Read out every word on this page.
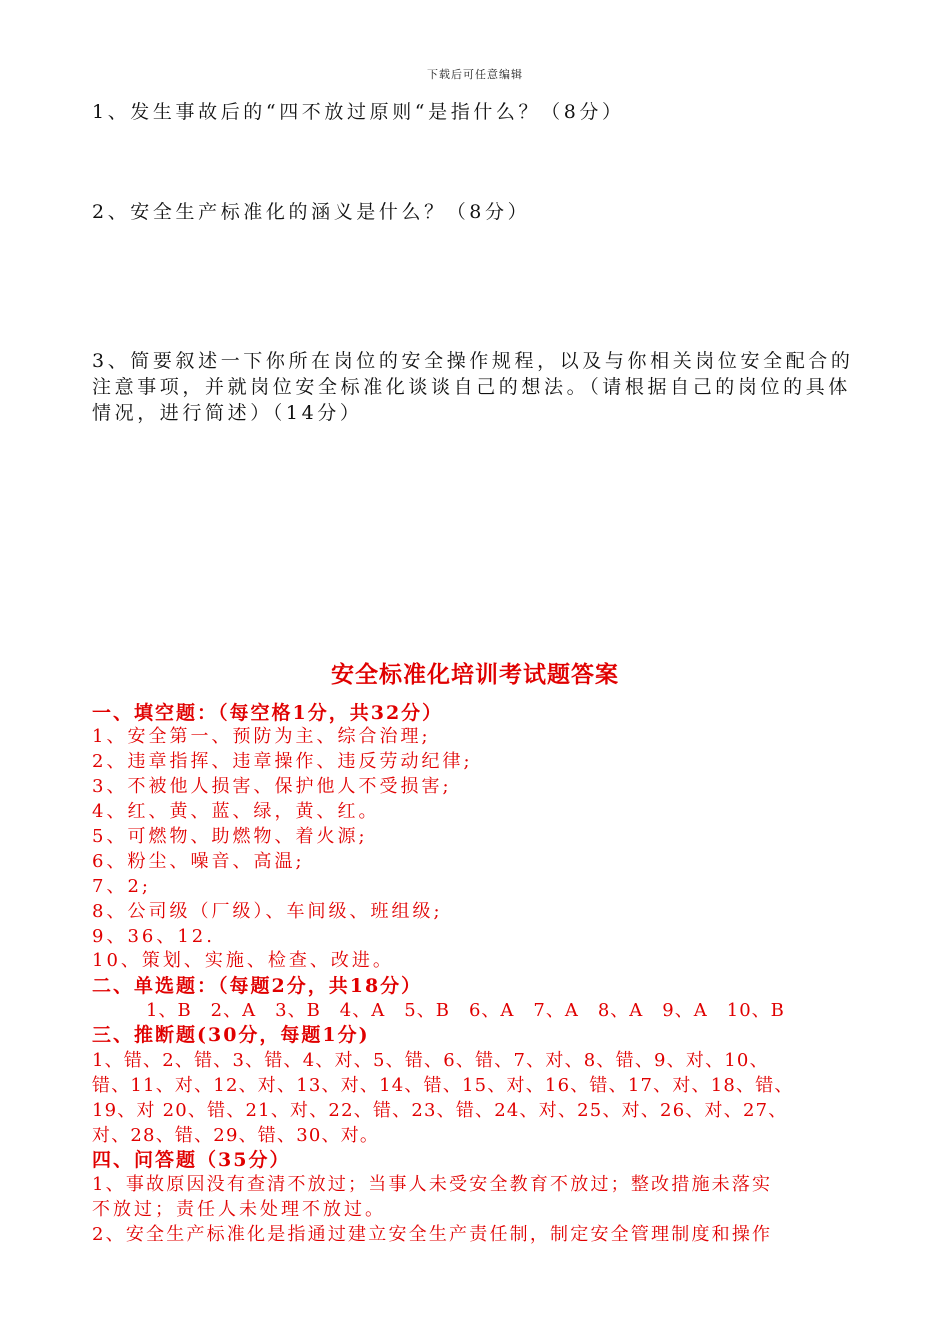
下载后可任意编辑
1、发生事故后的“四不放过原则“是指什么？（8分）
2、安全生产标准化的涵义是什么？（8分）
3、简要叙述一下你所在岗位的安全操作规程，以及与你相关岗位安全配合的
注意事项，并就岗位安全标准化谈谈自己的想法。（请根据自己的岗位的具体
情况，进行简述）（14分）
安全标准化培训考试题答案
一、填空题：（每空格1分，共32分）
1、安全第一、预防为主、综合治理;
2、违章指挥、违章操作、违反劳动纪律;
3、不被他人损害、保护他人不受损害;
4、红、黄、蓝、绿，黄、红。
5、可燃物、助燃物、着火源;
6、粉尘、噪音、高温;
7、2;
8、公司级（厂级）、车间级、班组级;
9、36、12.
10、策划、实施、检查、改进。
二、单选题：（每题2分，共18分）
1、B　2、A　3、B　4、A　5、B　6、A　7、A　8、A　9、A　10、B
三、推断题(30分，每题1分)
1、错、2、错、3、错、4、对、5、错、6、错、7、对、8、错、9、对、10、
错、11、对、12、对、13、对、14、错、15、对、16、错、17、对、18、错、
19、对 20、错、21、对、22、错、23、错、24、对、25、对、26、对、27、
对、28、错、29、错、30、对。
四、问答题（35分）
1、事故原因没有查清不放过；当事人未受安全教育不放过；整改措施未落实
不放过；责任人未处理不放过。
2、安全生产标准化是指通过建立安全生产责任制，制定安全管理制度和操作
